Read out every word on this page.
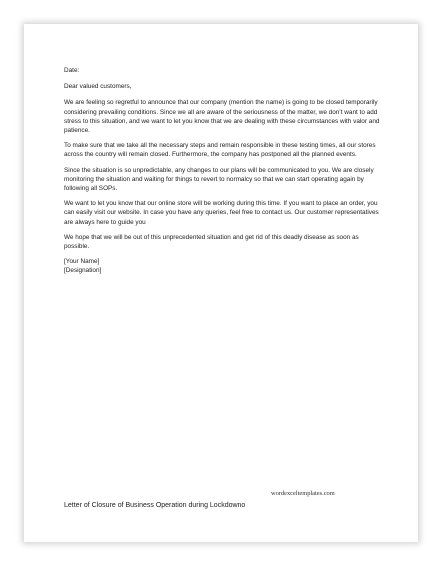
Date:

Dear valued customers,

We are feeling so regretful to announce that our company (mention the name) is going to be closed temporarily considering prevailing conditions. Since we all are aware of the seriousness of the matter, we don’t want to add stress to this situation, and we want to let you know that we are dealing with these circumstances with valor and patience.

To make sure that we take all the necessary steps and remain responsible in these testing times, all our stores across the country will remain closed. Furthermore, the company has postponed all the planned events.

Since the situation is so unpredictable, any changes to our plans will be communicated to you. We are closely monitoring the situation and waiting for things to revert to normalcy so that we can start operating again by following all SOPs.

We want to let you know that our online store will be working during this time. If you want to place an order, you can easily visit our website. In case you have any queries, feel free to contact us. Our customer representatives are always here to guide you

We hope that we will be out of this unprecedented situation and get rid of this deadly disease as soon as possible.

[Your Name]
[Designation]
Letter of Closure of Business Operation during Lockdowno
wordexceltemplates.com
